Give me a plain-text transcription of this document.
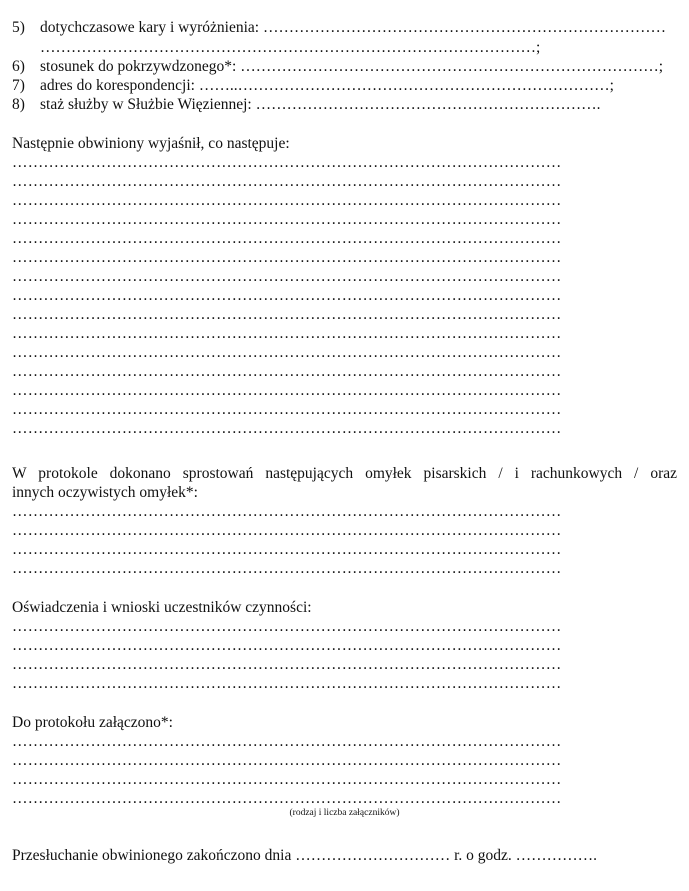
5) dotychczasowe kary i wyróżnienia: ……………………………………………………………………
……………………………………………………………………………………;
6) stosunek do pokrzywdzonego*: ………………………………………………………………………;
7) adres do korespondencji: ……..………………………………………………………………;
8) staż służby w Służbie Więziennej: ………………………………………………………….
Następnie obwiniony wyjaśnił, co następuje:
……………………………………………………………………………………………
……………………………………………………………………………………………
……………………………………………………………………………………………
……………………………………………………………………………………………
……………………………………………………………………………………………
……………………………………………………………………………………………
……………………………………………………………………………………………
……………………………………………………………………………………………
……………………………………………………………………………………………
……………………………………………………………………………………………
……………………………………………………………………………………………
……………………………………………………………………………………………
……………………………………………………………………………………………
……………………………………………………………………………………………
……………………………………………………………………………………………
W protokole dokonano sprostowań następujących omyłek pisarskich / i rachunkowych / oraz
innych oczywistych omyłek*:
……………………………………………………………………………………………
……………………………………………………………………………………………
……………………………………………………………………………………………
……………………………………………………………………………………………
Oświadczenia i wnioski uczestników czynności:
……………………………………………………………………………………………
……………………………………………………………………………………………
……………………………………………………………………………………………
……………………………………………………………………………………………
Do protokołu załączono*:
……………………………………………………………………………………………
……………………………………………………………………………………………
……………………………………………………………………………………………
……………………………………………………………………………………………
(rodzaj i liczba załączników)
Przesłuchanie obwinionego zakończono dnia ………………………… r. o godz. …………….
